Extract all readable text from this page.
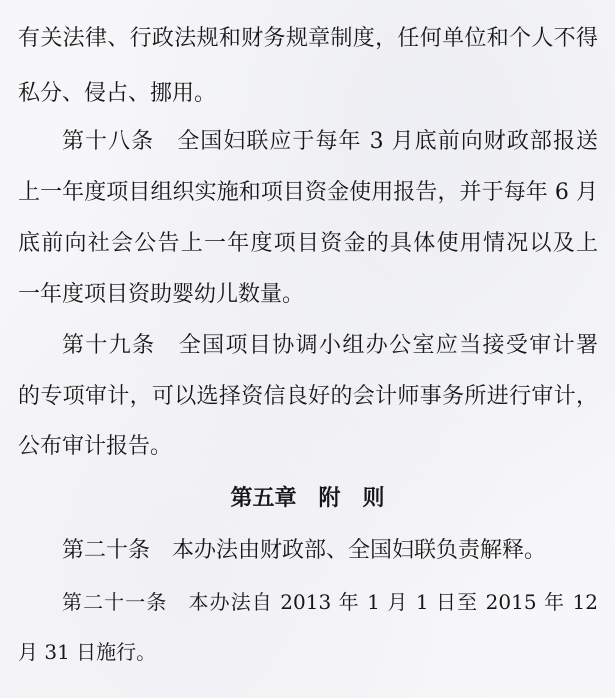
有关法律、行政法规和财务规章制度，任何单位和个人不得
私分、侵占、挪用。
第十八条　全国妇联应于每年 3 月底前向财政部报送
上一年度项目组织实施和项目资金使用报告，并于每年 6 月
底前向社会公告上一年度项目资金的具体使用情况以及上
一年度项目资助婴幼儿数量。
第十九条　全国项目协调小组办公室应当接受审计署
的专项审计，可以选择资信良好的会计师事务所进行审计，
公布审计报告。
第五章　附　则
第二十条　本办法由财政部、全国妇联负责解释。
第二十一条　本办法自 2013 年 1 月 1 日至 2015 年 12
月 31 日施行。
